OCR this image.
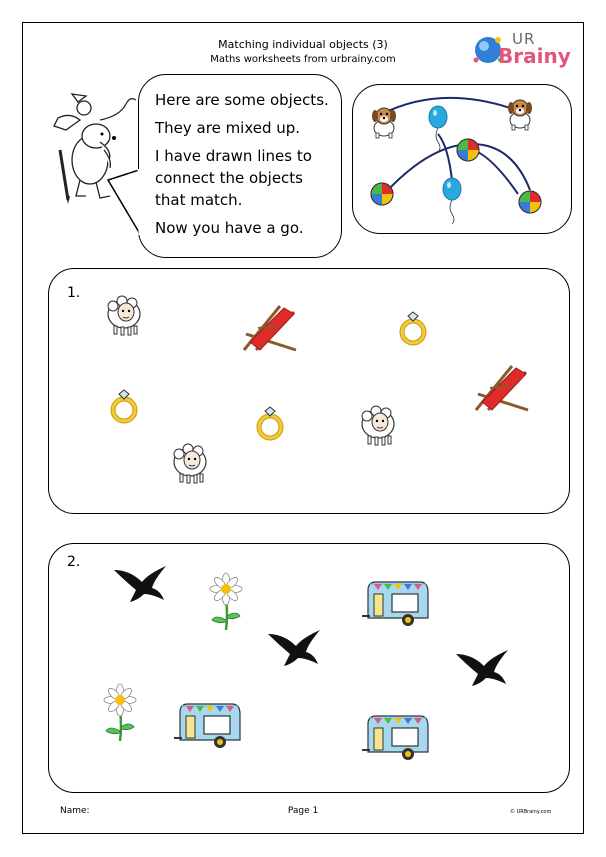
Matching individual objects (3)
Maths worksheets from urbrainy.com
UR
Brainy

Here are some objects.

They are mixed up.

I have drawn lines to connect the objects that match.

Now you have a go.

1.
2.
Name:	Page 1	© URBrainy.com
